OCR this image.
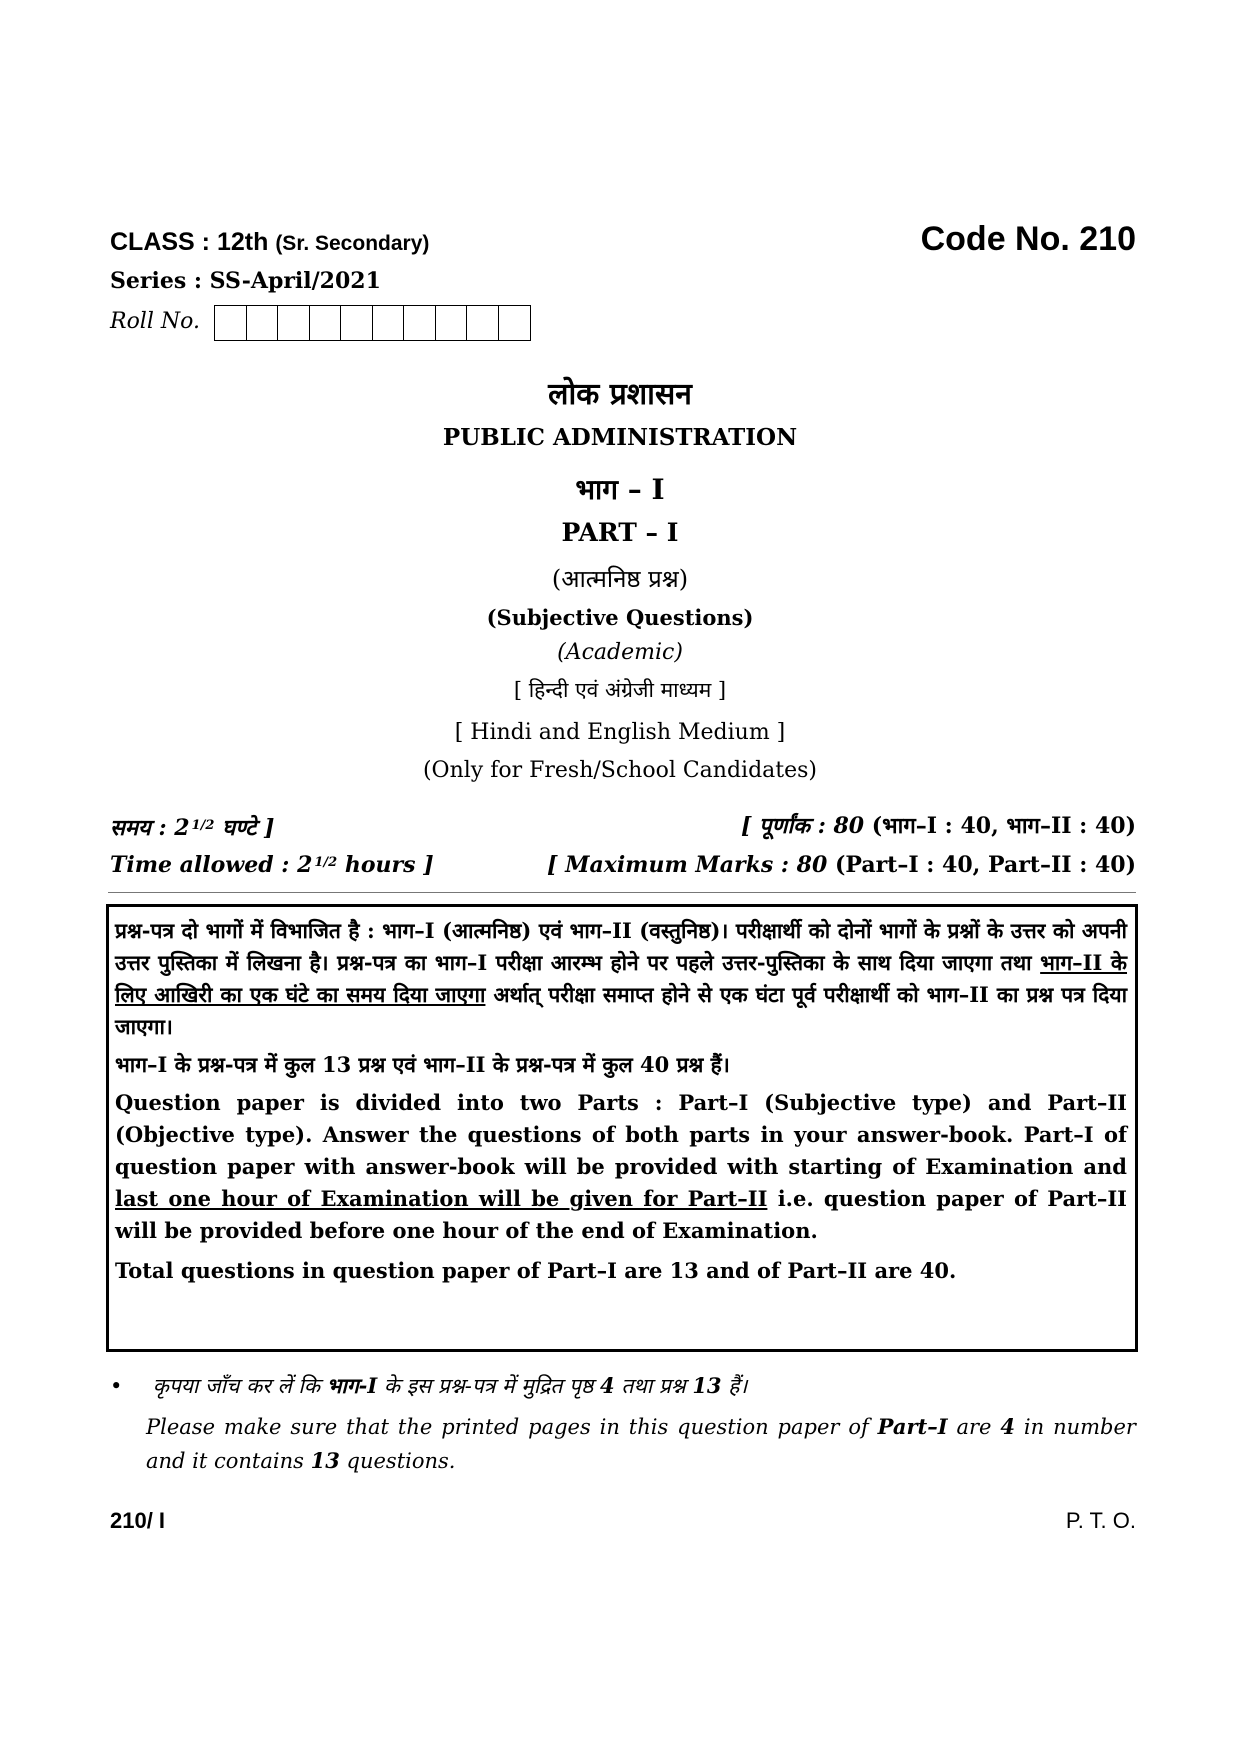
CLASS : 12th (Sr. Secondary)	Code No. 210
Series : SS-April/2021
Roll No.
लोक प्रशासन
PUBLIC ADMINISTRATION
भाग – I
PART – I
(आत्मनिष्ठ प्रश्न)
(Subjective Questions)
(Academic)
[ हिन्दी एवं अंग्रेजी माध्यम ]
[ Hindi and English Medium ]
(Only for Fresh/School Candidates)
समय : 2 $^{1/2}$ घण्टे ]	[ पूर्णांक : 80 (भाग–I : 40, भाग–II : 40)
Time allowed : 2 $^{1/2}$ hours ]	[ Maximum Marks : 80 (Part–I : 40, Part–II : 40)

प्रश्न-पत्र दो भागों में विभाजित है : भाग–I (आत्मनिष्ठ) एवं भाग–II (वस्तुनिष्ठ)। परीक्षार्थी को दोनों भागों के प्रश्नों के उत्तर को अपनी उत्तर पुस्तिका में लिखना है। प्रश्न-पत्र का भाग–I परीक्षा आरम्भ होने पर पहले उत्तर-पुस्तिका के साथ दिया जाएगा तथा भाग–II के लिए आखिरी का एक घंटे का समय दिया जाएगा अर्थात् परीक्षा समाप्त होने से एक घंटा पूर्व परीक्षार्थी को भाग–II का प्रश्न पत्र दिया जाएगा।

भाग–I के प्रश्न-पत्र में कुल 13 प्रश्न एवं भाग–II के प्रश्न-पत्र में कुल 40 प्रश्न हैं।

Question paper is divided into two Parts : Part–I (Subjective type) and Part–II (Objective type). Answer the questions of both parts in your answer-book. Part–I of question paper with answer-book will be provided with starting of Examination and last one hour of Examination will be given for Part–II i.e. question paper of Part–II will be provided before one hour of the end of Examination.

Total questions in question paper of Part–I are 13 and of Part–II are 40.

• कृपया जाँच कर लें कि भाग-I के इस प्रश्न-पत्र में मुद्रित पृष्ठ 4 तथा प्रश्न 13 हैं।
Please make sure that the printed pages in this question paper of Part–I are 4 in number and it contains 13 questions.
210/ I	P. T. O.
